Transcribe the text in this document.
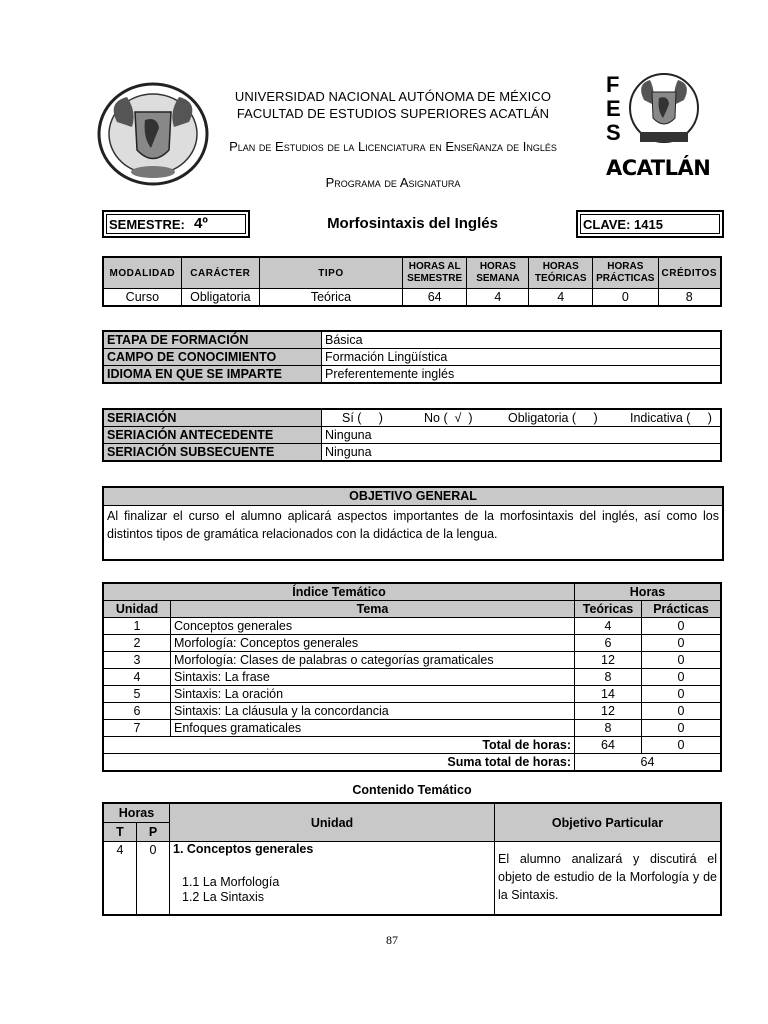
UNIVERSIDAD NACIONAL AUTÓNOMA DE MÉXICO
FACULTAD DE ESTUDIOS SUPERIORES ACATLÁN
Plan de Estudios de la Licenciatura en Enseñanza de Inglés
Programa de Asignatura
F
E
S
ACATLÁN
SEMESTRE: 4º	Morfosintaxis del Inglés	CLAVE: 1415
MODALIDAD	CARÁCTER	TIPO	HORAS AL SEMESTRE	HORAS SEMANA	HORAS TEÓRICAS	HORAS PRÁCTICAS	CRÉDITOS
Curso	Obligatoria	Teórica	64	4	4	0	8
ETAPA DE FORMACIÓN	Básica
CAMPO DE CONOCIMIENTO	Formación Lingüística
IDIOMA EN QUE SE IMPARTE	Preferentemente inglés
SERIACIÓN	Sí (     ) No (  √  ) Obligatoria (     ) Indicativa (     )

SERIACIÓN ANTECEDENTE	Ninguna
SERIACIÓN SUBSECUENTE	Ninguna
OBJETIVO GENERAL
Al finalizar el curso el alumno aplicará aspectos importantes de la morfosintaxis del inglés, así como los distintos tipos de gramática relacionados con la didáctica de la lengua.
Índice Temático		Horas	
Unidad	Tema	Teóricas	Prácticas
1	Conceptos generales	4	0
2	Morfología: Conceptos generales	6	0
3	Morfología: Clases de palabras o categorías gramaticales	12	0
4	Sintaxis: La frase	8	0
5	Sintaxis: La oración	14	0
6	Sintaxis: La cláusula y la concordancia	12	0
7	Enfoques gramaticales	8	0
Total de horas:		64	0
Suma total de horas:		64	
Contenido Temático
Horas		Unidad	Objetivo Particular
T	P		
4	0	1. Conceptos generales
1.1 La Morfología
1.2 La Sintaxis	El alumno analizará y discutirá el objeto de estudio de la Morfología y de la Sintaxis.
87
